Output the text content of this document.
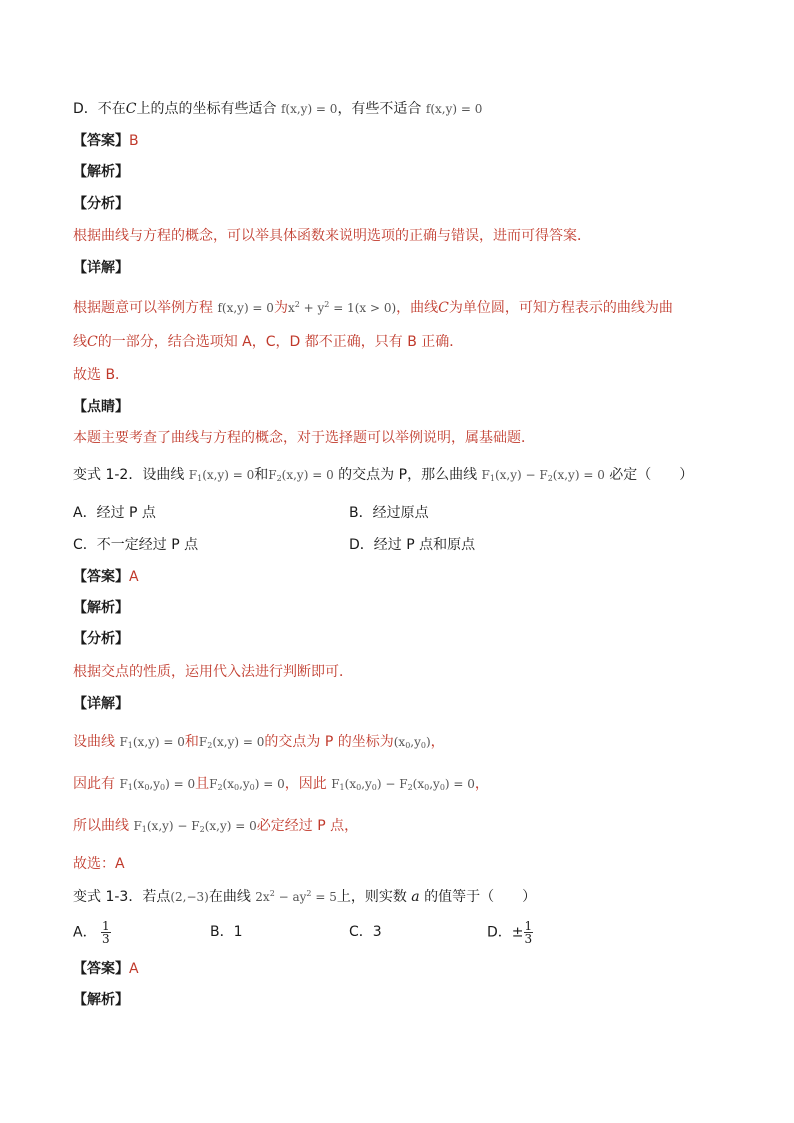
D．不在C上的点的坐标有些适合 f(x,y) = 0，有些不适合 f(x,y) = 0
【答案】B
【解析】
【分析】
根据曲线与方程的概念，可以举具体函数来说明选项的正确与错误，进而可得答案．
【详解】
根据题意可以举例方程 f(x,y) = 0为$x^2 + y^2 = 1(x > 0)$，曲线C为单位圆，可知方程表示的曲线为曲
线C的一部分，结合选项知 A，C，D 都不正确，只有 B 正确．
故选 B．
【点睛】
本题主要考查了曲线与方程的概念，对于选择题可以举例说明，属基础题．
变式 1-2．设曲线 $F_1(x,y) = 0$和$F_2(x,y) = 0$ 的交点为 P，那么曲线 $F_1(x,y) - F_2(x,y) = 0$ 必定（　　）
A．经过 P 点	B．经过原点
C．不一定经过 P 点	D．经过 P 点和原点
【答案】A
【解析】
【分析】
根据交点的性质，运用代入法进行判断即可．
【详解】
设曲线 $F_1(x,y) = 0$和$F_2(x,y) = 0$的交点为 P 的坐标为$(x_0,y_0)$，
因此有 $F_1(x_0,y_0) = 0$且$F_2(x_0,y_0) = 0$，因此 $F_1(x_0,y_0) - F_2(x_0,y_0) = 0$，
所以曲线 $F_1(x,y) - F_2(x,y) = 0$必定经过 P 点，
故选：A
变式 1-3．若点(2,−3)在曲线 $2x^2 - ay^2 = 5$上，则实数 a 的值等于（　　）
A． $\frac{1}{3}$	B．1	C．3	D．± $\frac{1}{3}$
【答案】A
【解析】
